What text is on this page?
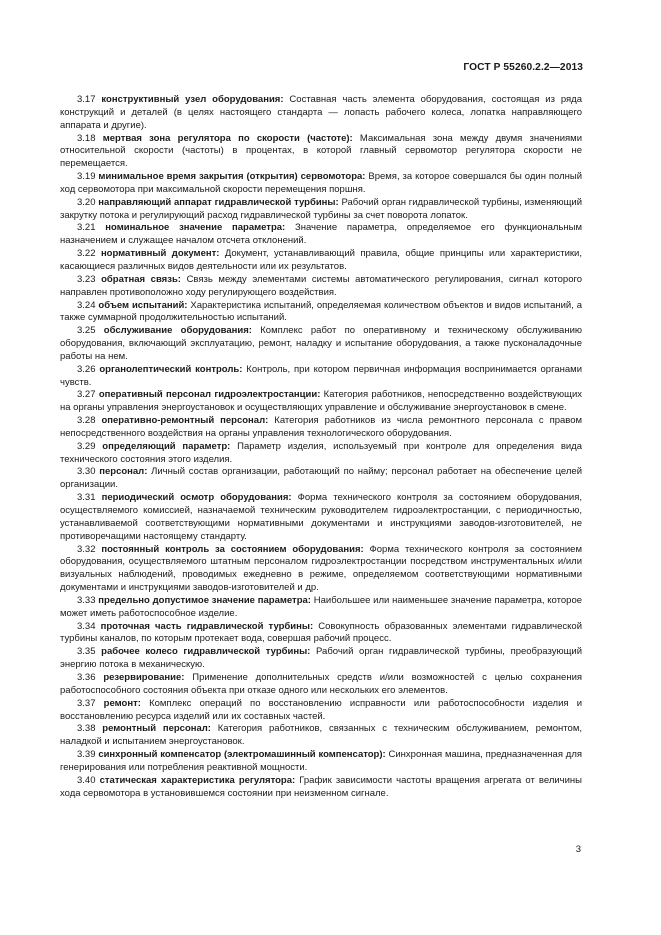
ГОСТ Р 55260.2.2—2013

3.17 конструктивный узел оборудования: Составная часть элемента оборудования, состоящая из ряда конструкций и деталей (в целях настоящего стандарта — лопасть рабочего колеса, лопатка направляющего аппарата и другие).

3.18 мертвая зона регулятора по скорости (частоте): Максимальная зона между двумя значениями относительной скорости (частоты) в процентах, в которой главный сервомотор регулятора скорости не перемещается.

3.19 минимальное время закрытия (открытия) сервомотора: Время, за которое совершался бы один полный ход сервомотора при максимальной скорости перемещения поршня.

3.20 направляющий аппарат гидравлической турбины: Рабочий орган гидравлической турбины, изменяющий закрутку потока и регулирующий расход гидравлической турбины за счет поворота лопаток.

3.21 номинальное значение параметра: Значение параметра, определяемое его функциональным назначением и служащее началом отсчета отклонений.

3.22 нормативный документ: Документ, устанавливающий правила, общие принципы или характеристики, касающиеся различных видов деятельности или их результатов.

3.23 обратная связь: Связь между элементами системы автоматического регулирования, сигнал которого направлен противоположно ходу регулирующего воздействия.

3.24 объем испытаний: Характеристика испытаний, определяемая количеством объектов и видов испытаний, а также суммарной продолжительностью испытаний.

3.25 обслуживание оборудования: Комплекс работ по оперативному и техническому обслуживанию оборудования, включающий эксплуатацию, ремонт, наладку и испытание оборудования, а также пусконаладочные работы на нем.

3.26 органолептический контроль: Контроль, при котором первичная информация воспринимается органами чувств.

3.27 оперативный персонал гидроэлектростанции: Категория работников, непосредственно воздействующих на органы управления энергоустановок и осуществляющих управление и обслуживание энергоустановок в смене.

3.28 оперативно-ремонтный персонал: Категория работников из числа ремонтного персонала с правом непосредственного воздействия на органы управления технологического оборудования.

3.29 определяющий параметр: Параметр изделия, используемый при контроле для определения вида технического состояния этого изделия.

3.30 персонал: Личный состав организации, работающий по найму; персонал работает на обеспечение целей организации.

3.31 периодический осмотр оборудования: Форма технического контроля за состоянием оборудования, осуществляемого комиссией, назначаемой техническим руководителем гидроэлектростанции, с периодичностью, устанавливаемой соответствующими нормативными документами и инструкциями заводов-изготовителей, не противоречащими настоящему стандарту.

3.32 постоянный контроль за состоянием оборудования: Форма технического контроля за состоянием оборудования, осуществляемого штатным персоналом гидроэлектростанции посредством инструментальных и/или визуальных наблюдений, проводимых ежедневно в режиме, определяемом соответствующими нормативными документами и инструкциями заводов-изготовителей и др.

3.33 предельно допустимое значение параметра: Наибольшее или наименьшее значение параметра, которое может иметь работоспособное изделие.

3.34 проточная часть гидравлической турбины: Совокупность образованных элементами гидравлической турбины каналов, по которым протекает вода, совершая рабочий процесс.

3.35 рабочее колесо гидравлической турбины: Рабочий орган гидравлической турбины, преобразующий энергию потока в механическую.

3.36 резервирование: Применение дополнительных средств и/или возможностей с целью сохранения работоспособного состояния объекта при отказе одного или нескольких его элементов.

3.37 ремонт: Комплекс операций по восстановлению исправности или работоспособности изделия и восстановлению ресурса изделий или их составных частей.

3.38 ремонтный персонал: Категория работников, связанных с техническим обслуживанием, ремонтом, наладкой и испытанием энергоустановок.

3.39 синхронный компенсатор (электромашинный компенсатор): Синхронная машина, предназначенная для генерирования или потребления реактивной мощности.

3.40 статическая характеристика регулятора: График зависимости частоты вращения агрегата от величины хода сервомотора в установившемся состоянии при неизменном сигнале.

3
